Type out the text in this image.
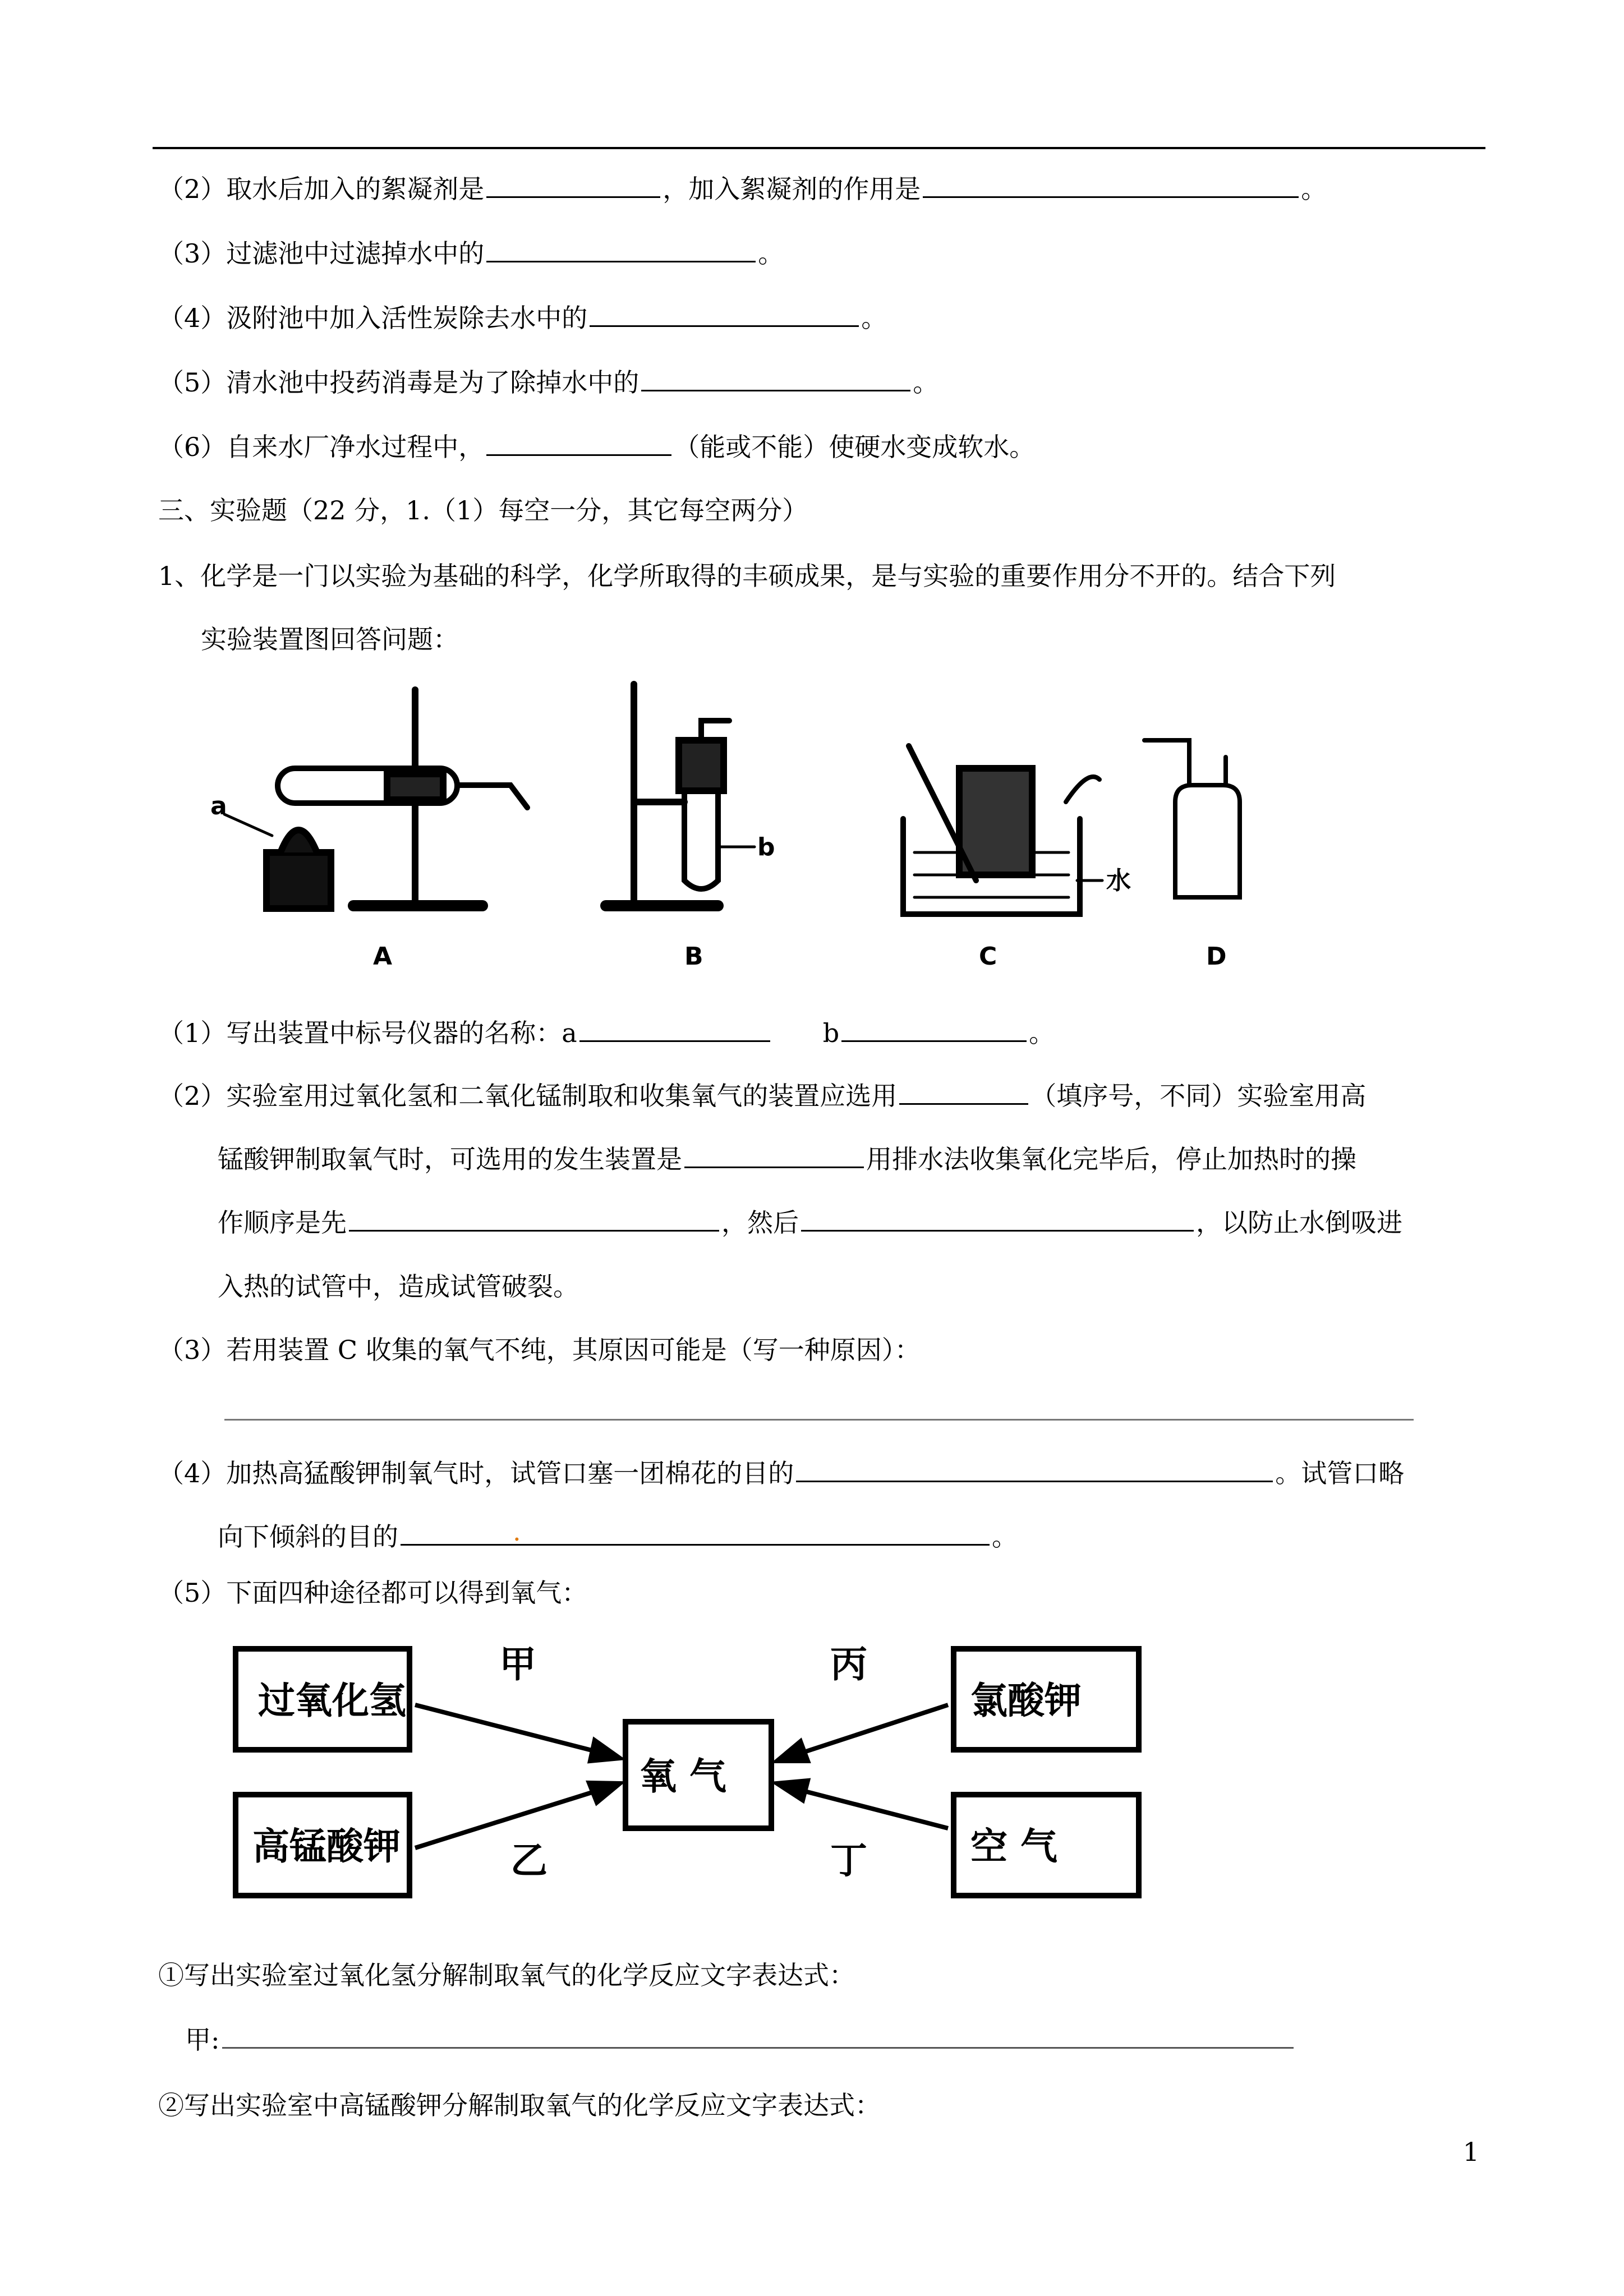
（2）取水后加入的絮凝剂是	，加入絮凝剂的作用是	。
（3）过滤池中过滤掉水中的	。
（4）汲附池中加入活性炭除去水中的	。
（5）清水池中投药消毒是为了除掉水中的	。
（6）自来水厂净水过程中，	（能或不能）使硬水变成软水。
三、实验题（22 分，1.（1）每空一分，其它每空两分）
1、化学是一门以实验为基础的科学，化学所取得的丰硕成果，是与实验的重要作用分不开的。结合下列
实验装置图回答问题：
a
b
水
A	B	C	D
（1）写出装置中标号仪器的名称：a	b	。
（2）实验室用过氧化氢和二氧化锰制取和收集氧气的装置应选用	（填序号，不同）实验室用高
锰酸钾制取氧气时，可选用的发生装置是	用排水法收集氧化完毕后，停止加热时的操
作顺序是先	，然后	，以防止水倒吸进
入热的试管中，造成试管破裂。
（3）若用装置 C 收集的氧气不纯，其原因可能是（写一种原因）：
（4）加热高猛酸钾制氧气时，试管口塞一团棉花的目的	。试管口略
向下倾斜的目的	.	。
（5）下面四种途径都可以得到氧气：
过氧化氢
高锰酸钾
氧 气
氯酸钾
空 气
甲
乙
丙
丁
①写出实验室过氧化氢分解制取氧气的化学反应文字表达式：
甲:
②写出实验室中高锰酸钾分解制取氧气的化学反应文字表达式：
1
